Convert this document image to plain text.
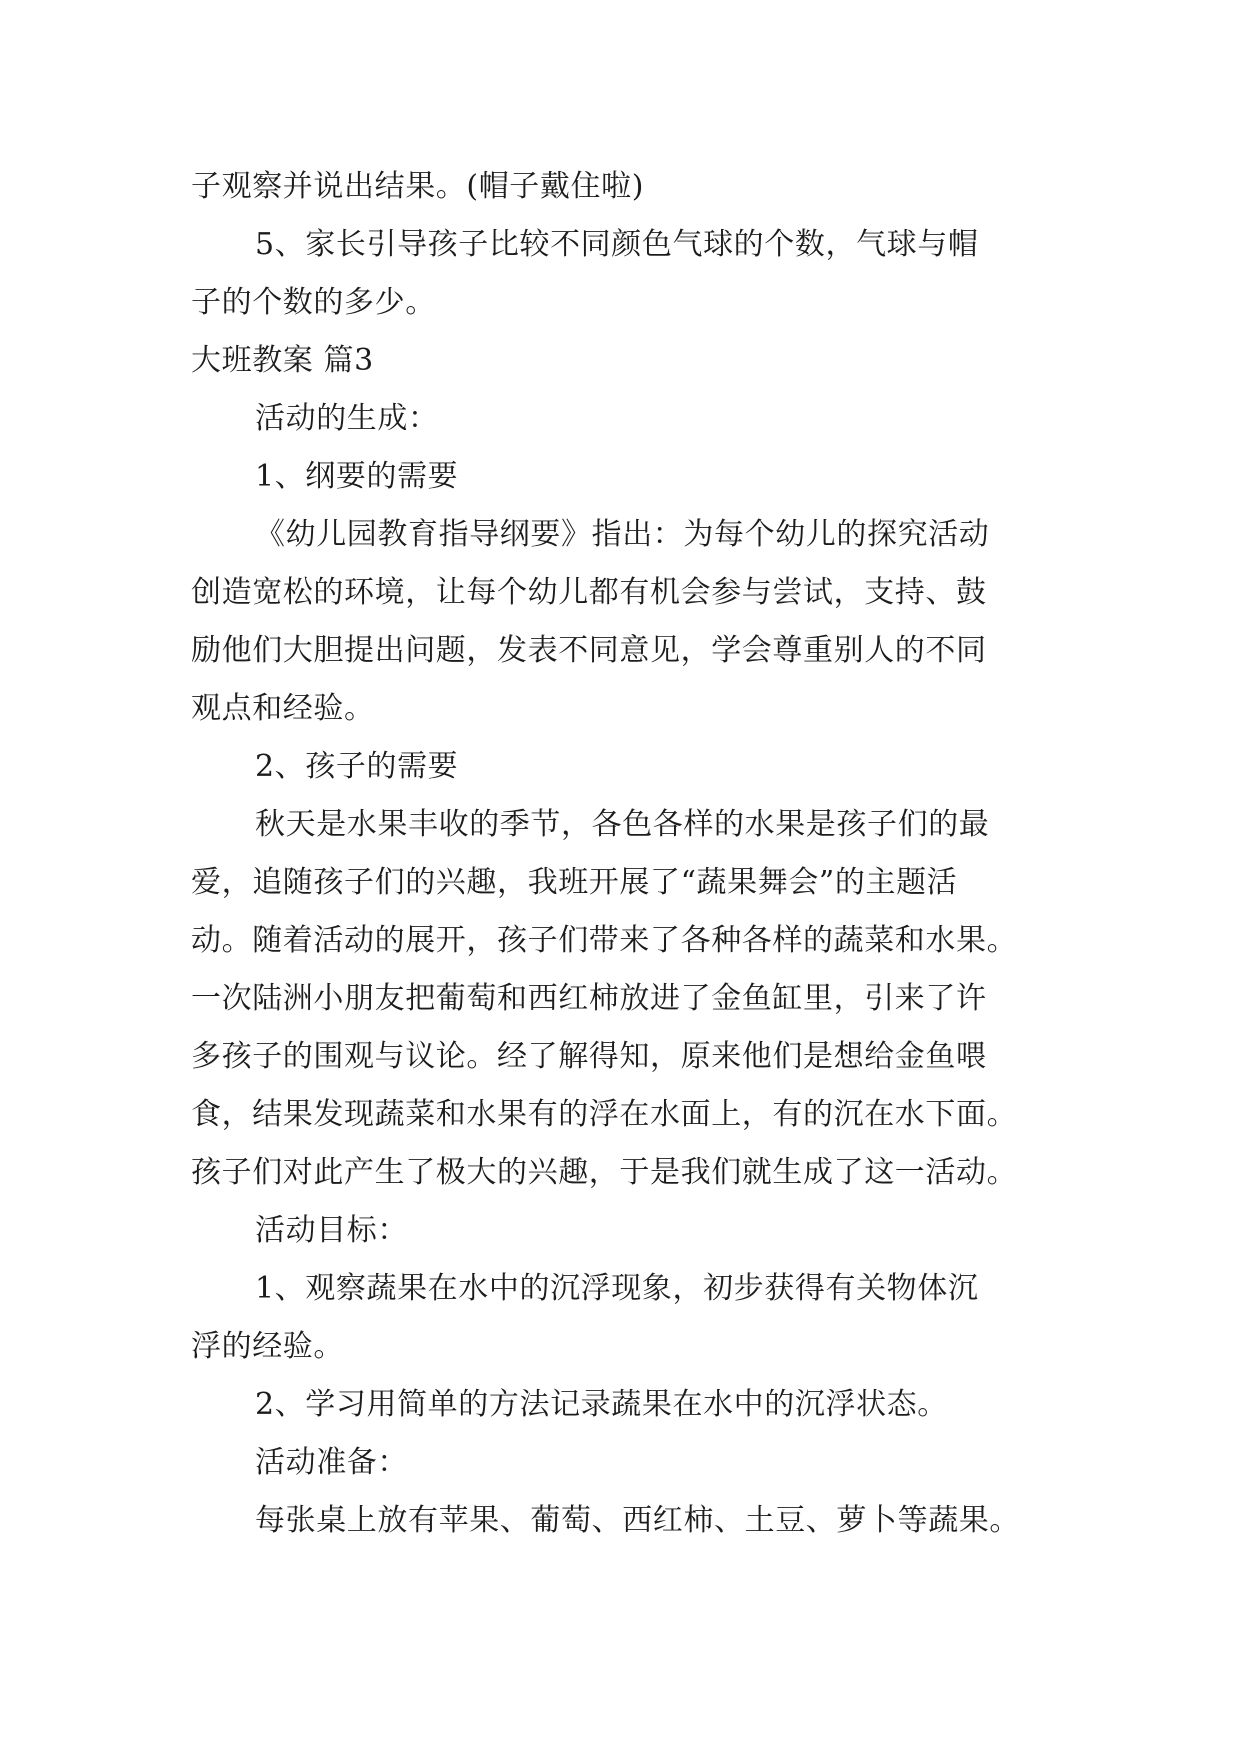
子观察并说出结果。(帽子戴住啦)
5、家长引导孩子比较不同颜色气球的个数，气球与帽
子的个数的多少。
大班教案 篇3
活动的生成：
1、纲要的需要
《幼儿园教育指导纲要》指出：为每个幼儿的探究活动
创造宽松的环境，让每个幼儿都有机会参与尝试，支持、鼓
励他们大胆提出问题，发表不同意见，学会尊重别人的不同
观点和经验。
2、孩子的需要
秋天是水果丰收的季节，各色各样的水果是孩子们的最
爱，追随孩子们的兴趣，我班开展了“蔬果舞会”的主题活
动。随着活动的展开，孩子们带来了各种各样的蔬菜和水果。
一次陆洲小朋友把葡萄和西红柿放进了金鱼缸里，引来了许
多孩子的围观与议论。经了解得知，原来他们是想给金鱼喂
食，结果发现蔬菜和水果有的浮在水面上，有的沉在水下面。
孩子们对此产生了极大的兴趣，于是我们就生成了这一活动。
活动目标：
1、观察蔬果在水中的沉浮现象，初步获得有关物体沉
浮的经验。
2、学习用简单的方法记录蔬果在水中的沉浮状态。
活动准备：
每张桌上放有苹果、葡萄、西红柿、土豆、萝卜等蔬果。
